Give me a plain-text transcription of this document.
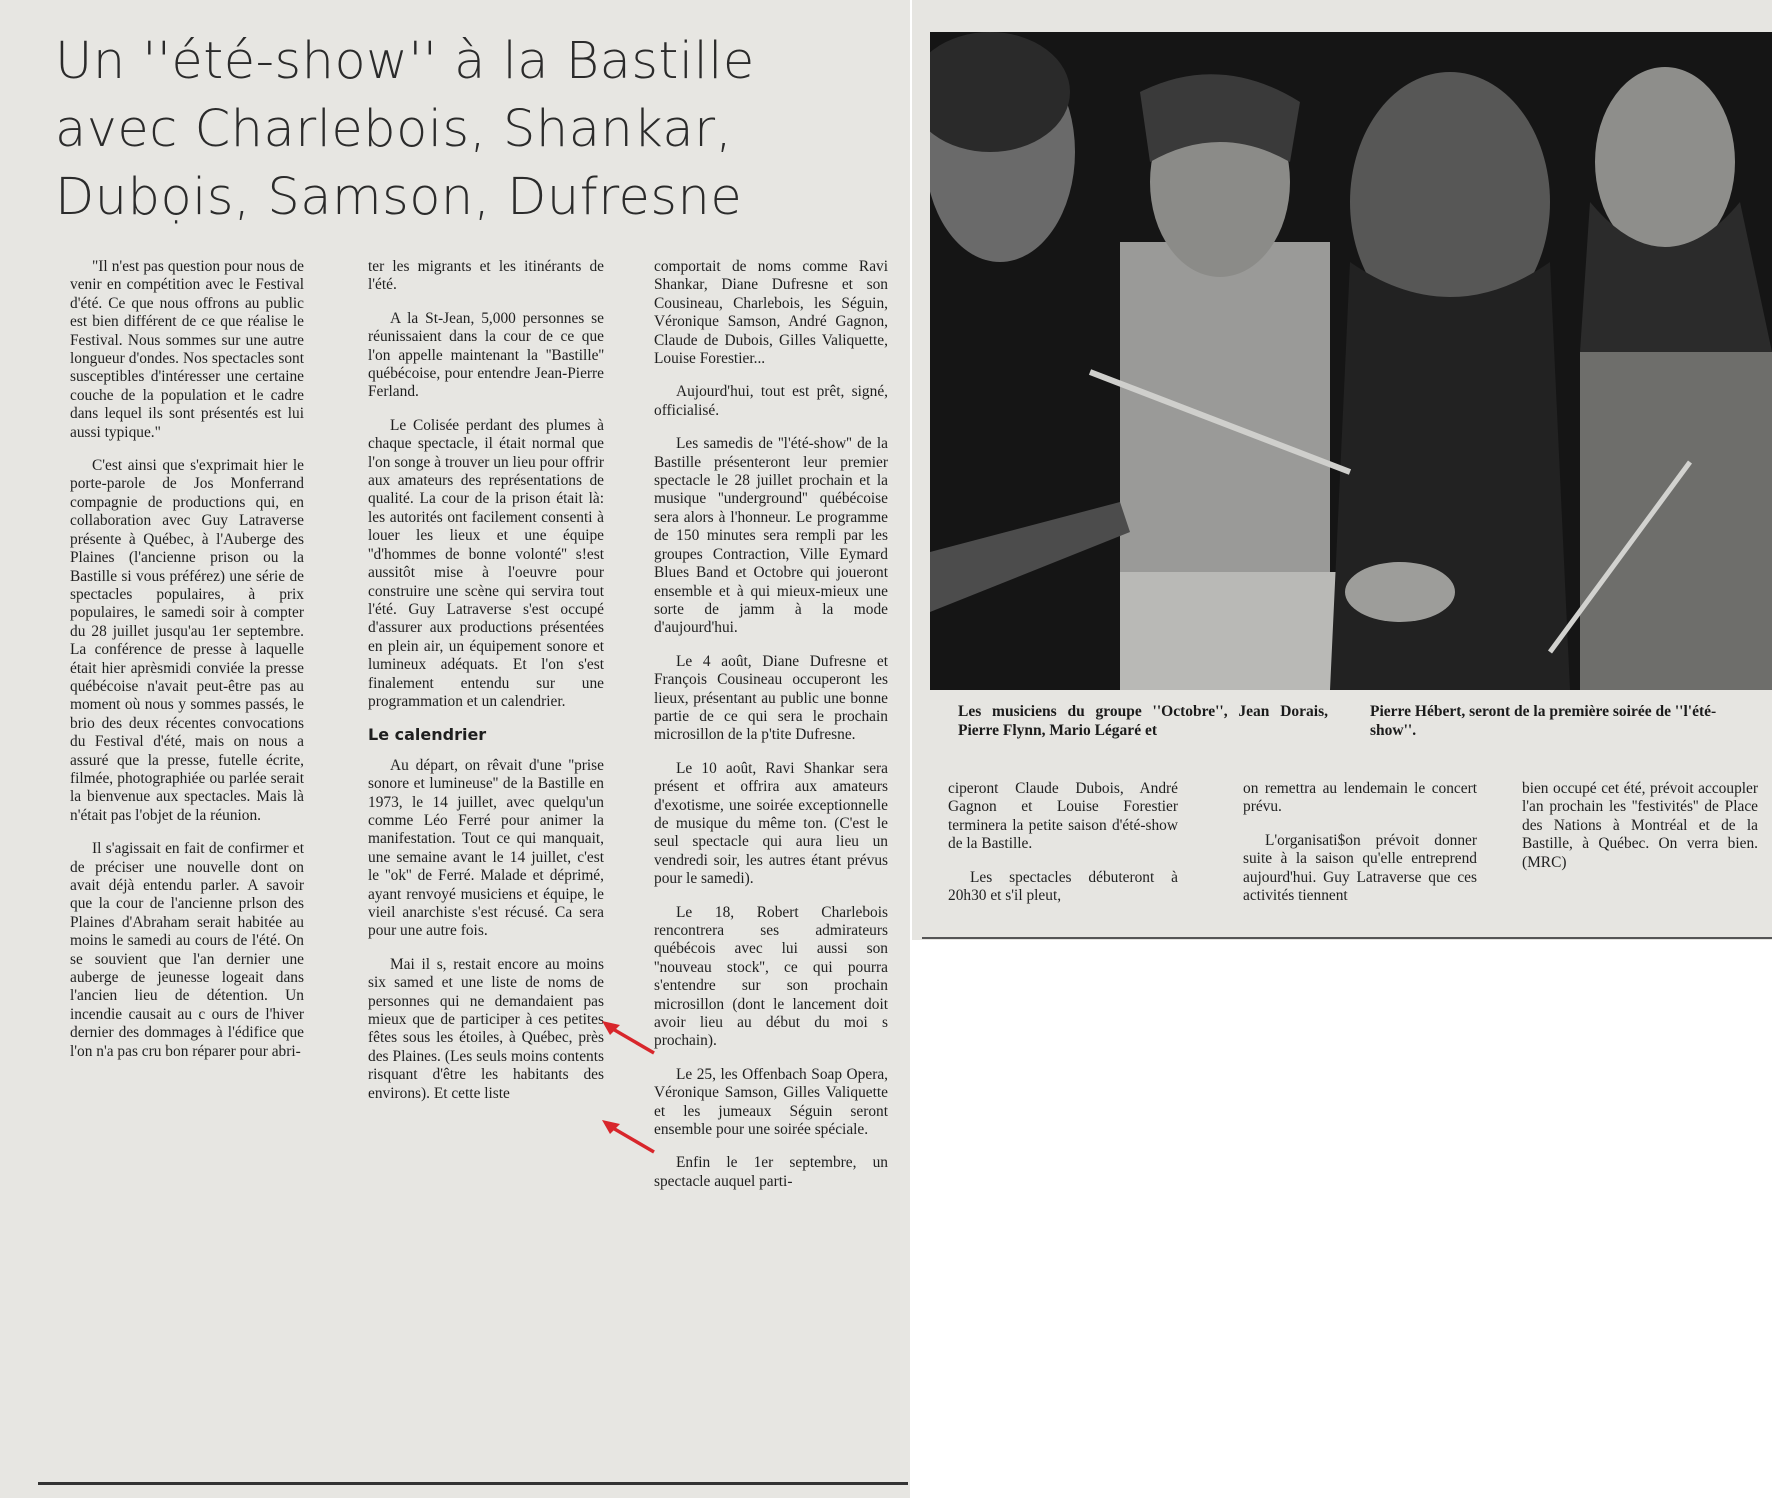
Un ''été-show'' à la Bastille avec Charlebois, Shankar, Dubọis, Samson, Dufresne

"Il n'est pas question pour nous de venir en compétition avec le Festival d'été. Ce que nous offrons au public est bien différent de ce que réalise le Festival. Nous sommes sur une autre longueur d'ondes. Nos spectacles sont susceptibles d'intéresser une certaine couche de la population et le cadre dans lequel ils sont présentés est lui aussi typique."

C'est ainsi que s'exprimait hier le porte-parole de Jos Monferrand compagnie de productions qui, en collaboration avec Guy Latraverse présente à Québec, à l'Auberge des Plaines (l'ancienne prison ou la Bastille si vous préférez) une série de spectacles populaires, à prix populaires, le samedi soir à compter du 28 juillet jusqu'au 1er septembre. La conférence de presse à laquelle était hier aprèsmidi conviée la presse québécoise n'avait peut-être pas au moment où nous y sommes passés, le brio des deux récentes convocations du Festival d'été, mais on nous a assuré que la presse, futelle écrite, filmée, photographiée ou parlée serait la bienvenue aux spectacles. Mais là n'était pas l'objet de la réunion.

Il s'agissait en fait de confirmer et de préciser une nouvelle dont on avait déjà entendu parler. A savoir que la cour de l'ancienne prlson des Plaines d'Abraham serait habitée au moins le samedi au cours de l'été. On se souvient que l'an dernier une auberge de jeunesse logeait dans l'ancien lieu de détention. Un incendie causait au c ours de l'hiver dernier des dommages à l'édifice que l'on n'a pas cru bon réparer pour abri-

ter les migrants et les itinérants de l'été.

A la St-Jean, 5,000 personnes se réunissaient dans la cour de ce que l'on appelle maintenant la ''Bastille'' québécoise, pour entendre Jean-Pierre Ferland.

Le Colisée perdant des plumes à chaque spectacle, il était normal que l'on songe à trouver un lieu pour offrir aux amateurs des représentations de qualité. La cour de la prison était là: les autorités ont facilement consenti à louer les lieux et une équipe ''d'hommes de bonne volonté'' s!est aussitôt mise à l'oeuvre pour construire une scène qui servira tout l'été. Guy Latraverse s'est occupé d'assurer aux productions présentées en plein air, un équipement sonore et lumineux adéquats. Et l'on s'est finalement entendu sur une programmation et un calendrier.

Le calendrier

Au départ, on rêvait d'une ''prise sonore et lumineuse'' de la Bastille en 1973, le 14 juillet, avec quelqu'un comme Léo Ferré pour animer la manifestation. Tout ce qui manquait, une semaine avant le 14 juillet, c'est le ''ok'' de Ferré. Malade et déprimé, ayant renvoyé musiciens et équipe, le vieil anarchiste s'est récusé. Ca sera pour une autre fois.

Mai il s, restait encore au moins six samed et une liste de noms de personnes qui ne demandaient pas mieux que de participer à ces petites fêtes sous les étoiles, à Québec, près des Plaines. (Les seuls moins contents risquant d'être les habitants des environs). Et cette liste

comportait de noms comme Ravi Shankar, Diane Dufresne et son Cousineau, Charlebois, les Séguin, Véronique Samson, André Gagnon, Claude de Dubois, Gilles Valiquette, Louise Forestier...

Aujourd'hui, tout est prêt, signé, officialisé.

Les samedis de ''l'été-show'' de la Bastille présenteront leur premier spectacle le 28 juillet prochain et la musique ''underground'' québécoise sera alors à l'honneur. Le programme de 150 minutes sera rempli par les groupes Contraction, Ville Eymard Blues Band et Octobre qui joueront ensemble et à qui mieux-mieux une sorte de jamm à la mode d'aujourd'hui.

Le 4 août, Diane Dufresne et François Cousineau occuperont les lieux, présentant au public une bonne partie de ce qui sera le prochain microsillon de la p'tite Dufresne.

Le 10 août, Ravi Shankar sera présent et offrira aux amateurs d'exotisme, une soirée exceptionnelle de musique du même ton. (C'est le seul spectacle qui aura lieu un vendredi soir, les autres étant prévus pour le samedi).

Le 18, Robert Charlebois rencontrera ses admirateurs québécois avec lui aussi son ''nouveau stock'', ce qui pourra s'entendre sur son prochain microsillon (dont le lancement doit avoir lieu au début du moi s prochain).

Le 25, les Offenbach Soap Opera, Véronique Samson, Gilles Valiquette et les jumeaux Séguin seront ensemble pour une soirée spéciale.

Enfin le 1er septembre, un spectacle auquel parti-

Les musiciens du groupe ''Octobre'', Jean Dorais, Pierre Flynn, Mario Légaré et

Pierre Hébert, seront de la première soirée de ''l'été-show''.

ciperont Claude Dubois, André Gagnon et Louise Forestier terminera la petite saison d'été-show de la Bastille.

Les spectacles débuteront à 20h30 et s'il pleut,

on remettra au lendemain le concert prévu.

L'organisati$on prévoit donner suite à la saison qu'elle entreprend aujourd'hui. Guy Latraverse que ces activités tiennent

bien occupé cet été, prévoit accoupler l'an prochain les ''festivités'' de Place des Nations à Montréal et de la Bastille, à Québec. On verra bien. (MRC)
